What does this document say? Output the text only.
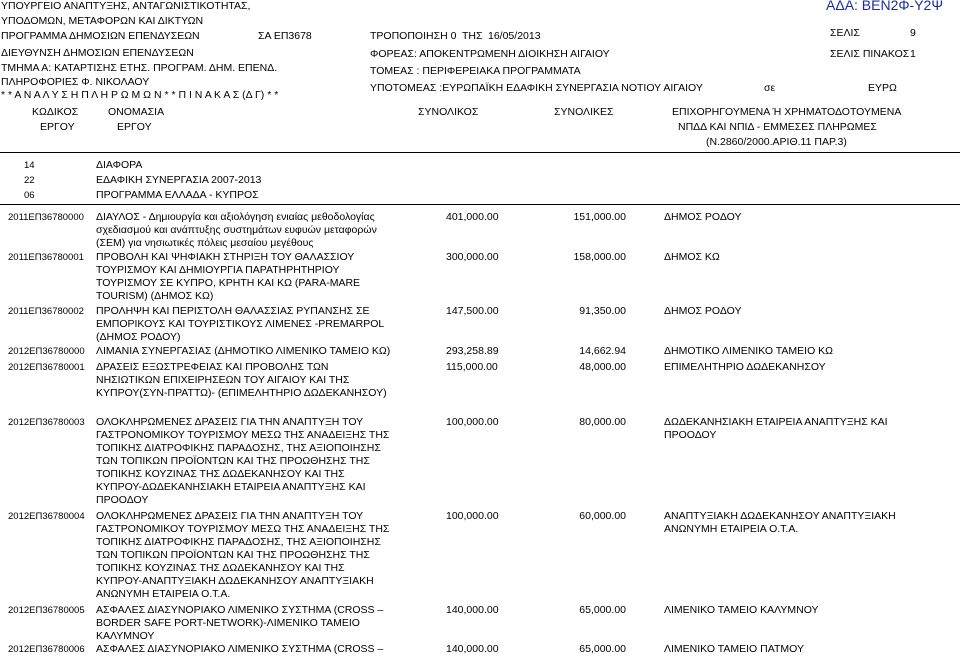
ΥΠΟΥΡΓΕΙΟ ΑΝΑΠΤΥΞΗΣ, ΑΝΤΑΓΩΝΙΣΤΙΚΟΤΗΤΑΣ,
ΥΠΟΔΟΜΩΝ, ΜΕΤΑΦΟΡΩΝ ΚΑΙ ΔΙΚΤΥΩΝ
ΠΡΟΓΡΑΜΜΑ ΔΗΜΟΣΙΩΝ ΕΠΕΝΔΥΣΕΩΝ
ΔΙΕΥΘΥΝΣΗ ΔΗΜΟΣΙΩΝ ΕΠΕΝΔΥΣΕΩΝ
ΤΜΗΜΑ Α: ΚΑΤΑΡΤΙΣΗΣ ΕΤΗΣ. ΠΡΟΓΡΑΜ. ΔΗΜ. ΕΠΕΝΔ.
ΠΛΗΡΟΦΟΡΙΕΣ Φ. ΝΙΚΟΛΑΟΥ
* * Α Ν Α Λ Υ Σ Η Π Λ Η Ρ Ω Μ Ω Ν * * Π Ι Ν Α Κ Α Σ (Δ Γ) * *
ΣΑ ΕΠ3678	ΤΡΟΠΟΠΟΙΗΣΗ 0 ΤΗΣ 16/05/2013
ΦΟΡΕΑΣ: ΑΠΟΚΕΝΤΡΩΜΕΝΗ ΔΙΟΙΚΗΣΗ ΑΙΓΑΙΟΥ
ΤΟΜΕΑΣ : ΠΕΡΙΦΕΡΕΙΑΚΑ ΠΡΟΓΡΑΜΜΑΤΑ
ΥΠΟΤΟΜΕΑΣ :ΕΥΡΩΠΑΪΚΗ ΕΔΑΦΙΚΗ ΣΥΝΕΡΓΑΣΙΑ ΝΟΤΙΟΥ ΑΙΓΑΙΟΥ
ΑΔΑ: ΒΕΝ2Φ-Υ2Ψ
ΣΕΛΙΣ	9
ΣΕΛΙΣ ΠΙΝΑΚΟΣ 1
σε	ΕΥΡΩ
ΚΩΔΙΚΟΣ
ΕΡΓΟΥ
ΟΝΟΜΑΣΙΑ
ΕΡΓΟΥ
ΣΥΝΟΛΙΚΟΣ	ΣΥΝΟΛΙΚΕΣ	ΕΠΙΧΟΡΗΓΟΥΜΕΝΑ Ή ΧΡΗΜΑΤΟΔΟΤΟΥΜΕΝΑ
ΝΠΔΔ ΚΑΙ ΝΠΙΔ - ΕΜΜΕΣΕΣ ΠΛΗΡΩΜΕΣ
(Ν.2860/2000.ΑΡΙΘ.11 ΠΑΡ.3)
14	ΔΙΑΦΟΡΑ
22	ΕΔΑΦΙΚΗ ΣΥΝΕΡΓΑΣΙΑ 2007-2013
06	ΠΡΟΓΡΑΜΜΑ ΕΛΛΑΔΑ - ΚΥΠΡΟΣ
2011ΕΠ36780000 ΔΙΑΥΛΟΣ - Δημιουργία και αξιολόγηση ενιαίας μεθοδολογίας
σχεδιασμού και ανάπτυξης συστημάτων ευφυών μεταφορών
(ΣΕΜ) για νησιωτικές πόλεις μεσαίου μεγέθους
401,000.00	151,000.00	ΔΗΜΟΣ ΡΟΔΟΥ
2011ΕΠ36780001 ΠΡΟΒΟΛΗ ΚΑΙ ΨΗΦΙΑΚΗ ΣΤΗΡΙΞΗ ΤΟΥ ΘΑΛΑΣΣΙΟΥ
ΤΟΥΡΙΣΜΟΥ ΚΑΙ ΔΗΜΙΟΥΡΓΙΑ ΠΑΡΑΤΗΡΗΤΗΡΙΟΥ
ΤΟΥΡΙΣΜΟΥ ΣΕ ΚΥΠΡΟ, ΚΡΗΤΗ ΚΑΙ ΚΩ (PARA-MARE
TOURISM) (ΔΗΜΟΣ ΚΩ)
300,000.00	158,000.00	ΔΗΜΟΣ ΚΩ
2011ΕΠ36780002 ΠΡΟΛΗΨΗ ΚΑΙ ΠΕΡΙΣΤΟΛΗ ΘΑΛΑΣΣΙΑΣ ΡΥΠΑΝΣΗΣ ΣΕ
ΕΜΠΟΡΙΚΟΥΣ ΚΑΙ ΤΟΥΡΙΣΤΙΚΟΥΣ ΛΙΜΕΝΕΣ -PREMARPOL
(ΔΗΜΟΣ ΡΟΔΟΥ)
147,500.00	91,350.00	ΔΗΜΟΣ ΡΟΔΟΥ
2012ΕΠ36780000 ΛΙΜΑΝΙΑ ΣΥΝΕΡΓΑΣΙΑΣ (ΔΗΜΟΤΙΚΟ ΛΙΜΕΝΙΚΟ ΤΑΜΕΙΟ ΚΩ)	293,258.89	14,662.94	ΔΗΜΟΤΙΚΟ ΛΙΜΕΝΙΚΟ ΤΑΜΕΙΟ ΚΩ
2012ΕΠ36780001 ΔΡΑΣΕΙΣ ΕΞΩΣΤΡΕΦΕΙΑΣ ΚΑΙ ΠΡΟΒΟΛΗΣ ΤΩΝ
ΝΗΣΙΩΤΙΚΩΝ ΕΠΙΧΕΙΡΗΣΕΩΝ ΤΟΥ ΑΙΓΑΙΟΥ ΚΑΙ ΤΗΣ
ΚΥΠΡΟΥ(ΣΥΝ-ΠΡΑΤΤΩ)- (ΕΠΙΜΕΛΗΤΗΡΙΟ ΔΩΔΕΚΑΝΗΣΟΥ)
115,000.00	48,000.00	ΕΠΙΜΕΛΗΤΗΡΙΟ ΔΩΔΕΚΑΝΗΣΟΥ
2012ΕΠ36780003 ΟΛΟΚΛΗΡΩΜΕΝΕΣ ΔΡΑΣΕΙΣ ΓΙΑ ΤΗΝ ΑΝΑΠΤΥΞΗ ΤΟΥ
ΓΑΣΤΡΟΝΟΜΙΚΟΥ ΤΟΥΡΙΣΜΟΥ ΜΕΣΩ ΤΗΣ ΑΝΑΔΕΙΞΗΣ ΤΗΣ
ΤΟΠΙΚΗΣ ΔΙΑΤΡΟΦΙΚΗΣ ΠΑΡΑΔΟΣΗΣ, ΤΗΣ ΑΞΙΟΠΟΙΗΣΗΣ
ΤΩΝ ΤΟΠΙΚΩΝ ΠΡΟΪΟΝΤΩΝ ΚΑΙ ΤΗΣ ΠΡΟΩΘΗΣΗΣ ΤΗΣ
ΤΟΠΙΚΗΣ ΚΟΥΖΙΝΑΣ ΤΗΣ ΔΩΔΕΚΑΝΗΣΟΥ ΚΑΙ ΤΗΣ
ΚΥΠΡΟΥ-ΔΩΔΕΚΑΝΗΣΙΑΚΗ ΕΤΑΙΡΕΙΑ ΑΝΑΠΤΥΞΗΣ ΚΑΙ
ΠΡΟΟΔΟΥ
100,000.00	80,000.00	ΔΩΔΕΚΑΝΗΣΙΑΚΗ ΕΤΑΙΡΕΙΑ ΑΝΑΠΤΥΞΗΣ ΚΑΙ
ΠΡΟΟΔΟΥ
2012ΕΠ36780004 ΟΛΟΚΛΗΡΩΜΕΝΕΣ ΔΡΑΣΕΙΣ ΓΙΑ ΤΗΝ ΑΝΑΠΤΥΞΗ ΤΟΥ
ΓΑΣΤΡΟΝΟΜΙΚΟΥ ΤΟΥΡΙΣΜΟΥ ΜΕΣΩ ΤΗΣ ΑΝΑΔΕΙΞΗΣ ΤΗΣ
ΤΟΠΙΚΗΣ ΔΙΑΤΡΟΦΙΚΗΣ ΠΑΡΑΔΟΣΗΣ, ΤΗΣ ΑΞΙΟΠΟΙΗΣΗΣ
ΤΩΝ ΤΟΠΙΚΩΝ ΠΡΟΪΟΝΤΩΝ ΚΑΙ ΤΗΣ ΠΡΟΩΘΗΣΗΣ ΤΗΣ
ΤΟΠΙΚΗΣ ΚΟΥΖΙΝΑΣ ΤΗΣ ΔΩΔΕΚΑΝΗΣΟΥ ΚΑΙ ΤΗΣ
ΚΥΠΡΟΥ-ΑΝΑΠΤΥΞΙΑΚΗ ΔΩΔΕΚΑΝΗΣΟΥ ΑΝΑΠΤΥΞΙΑΚΗ
ΑΝΩΝΥΜΗ ΕΤΑΙΡΕΙΑ Ο.Τ.Α.
100,000.00	60,000.00	ΑΝΑΠΤΥΞΙΑΚΗ ΔΩΔΕΚΑΝΗΣΟΥ ΑΝΑΠΤΥΞΙΑΚΗ
ΑΝΩΝΥΜΗ ΕΤΑΙΡΕΙΑ Ο.Τ.Α.
2012ΕΠ36780005 ΑΣΦΑΛΕΣ ΔΙΑΣΥΝΟΡΙΑΚΟ ΛΙΜΕΝΙΚΟ ΣΥΣΤΗΜΑ (CROSS –
BORDER SAFE PORT-NETWORK)-ΛΙΜΕΝΙΚΟ ΤΑΜΕΙΟ
ΚΑΛΥΜΝΟΥ
140,000.00	65,000.00	ΛΙΜΕΝΙΚΟ ΤΑΜΕΙΟ ΚΑΛΥΜΝΟΥ
2012ΕΠ36780006 ΑΣΦΑΛΕΣ ΔΙΑΣΥΝΟΡΙΑΚΟ ΛΙΜΕΝΙΚΟ ΣΥΣΤΗΜΑ (CROSS –	140,000.00	65,000.00	ΛΙΜΕΝΙΚΟ ΤΑΜΕΙΟ ΠΑΤΜΟΥ
